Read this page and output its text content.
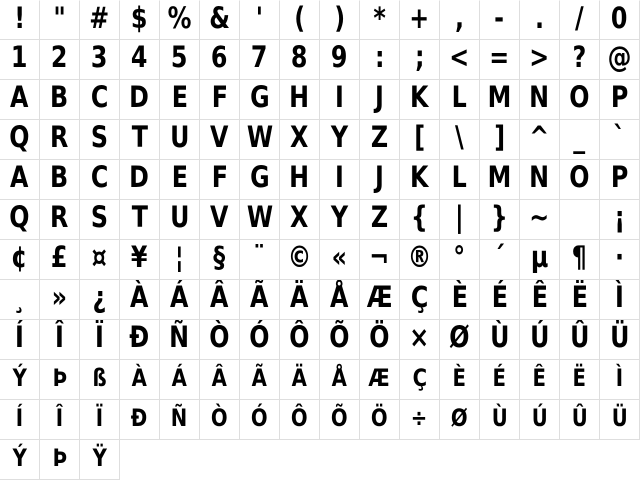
! " # $ % & ' ( ) * + , - . / 0
1 2 3 4 5 6 7 8 9 : ; < = > ? @
A B C D E F G H I J K L M N O P
Q R S T U V W X Y Z [ \ ] ^ _ `
A B C D E F G H I J K L M N O P
Q R S T U V W X Y Z { | } ~ ¡
¢ £ ¤ ¥ ¦ § ¨ © « ¬ ® ° ´ µ ¶ ·
¸ » ¿ À Á Â Ã Ä Å Æ Ç È É Ê Ë Ì
Í Î Ï Ð Ñ Ò Ó Ô Õ Ö × Ø Ù Ú Û Ü
Ý Þ ß À Á Â Ã Ä Å Æ Ç È É Ê Ë Ì
Í Î Ï Ð Ñ Ò Ó Ô Õ Ö ÷ Ø Ù Ú Û Ü
Ý Þ Ÿ
